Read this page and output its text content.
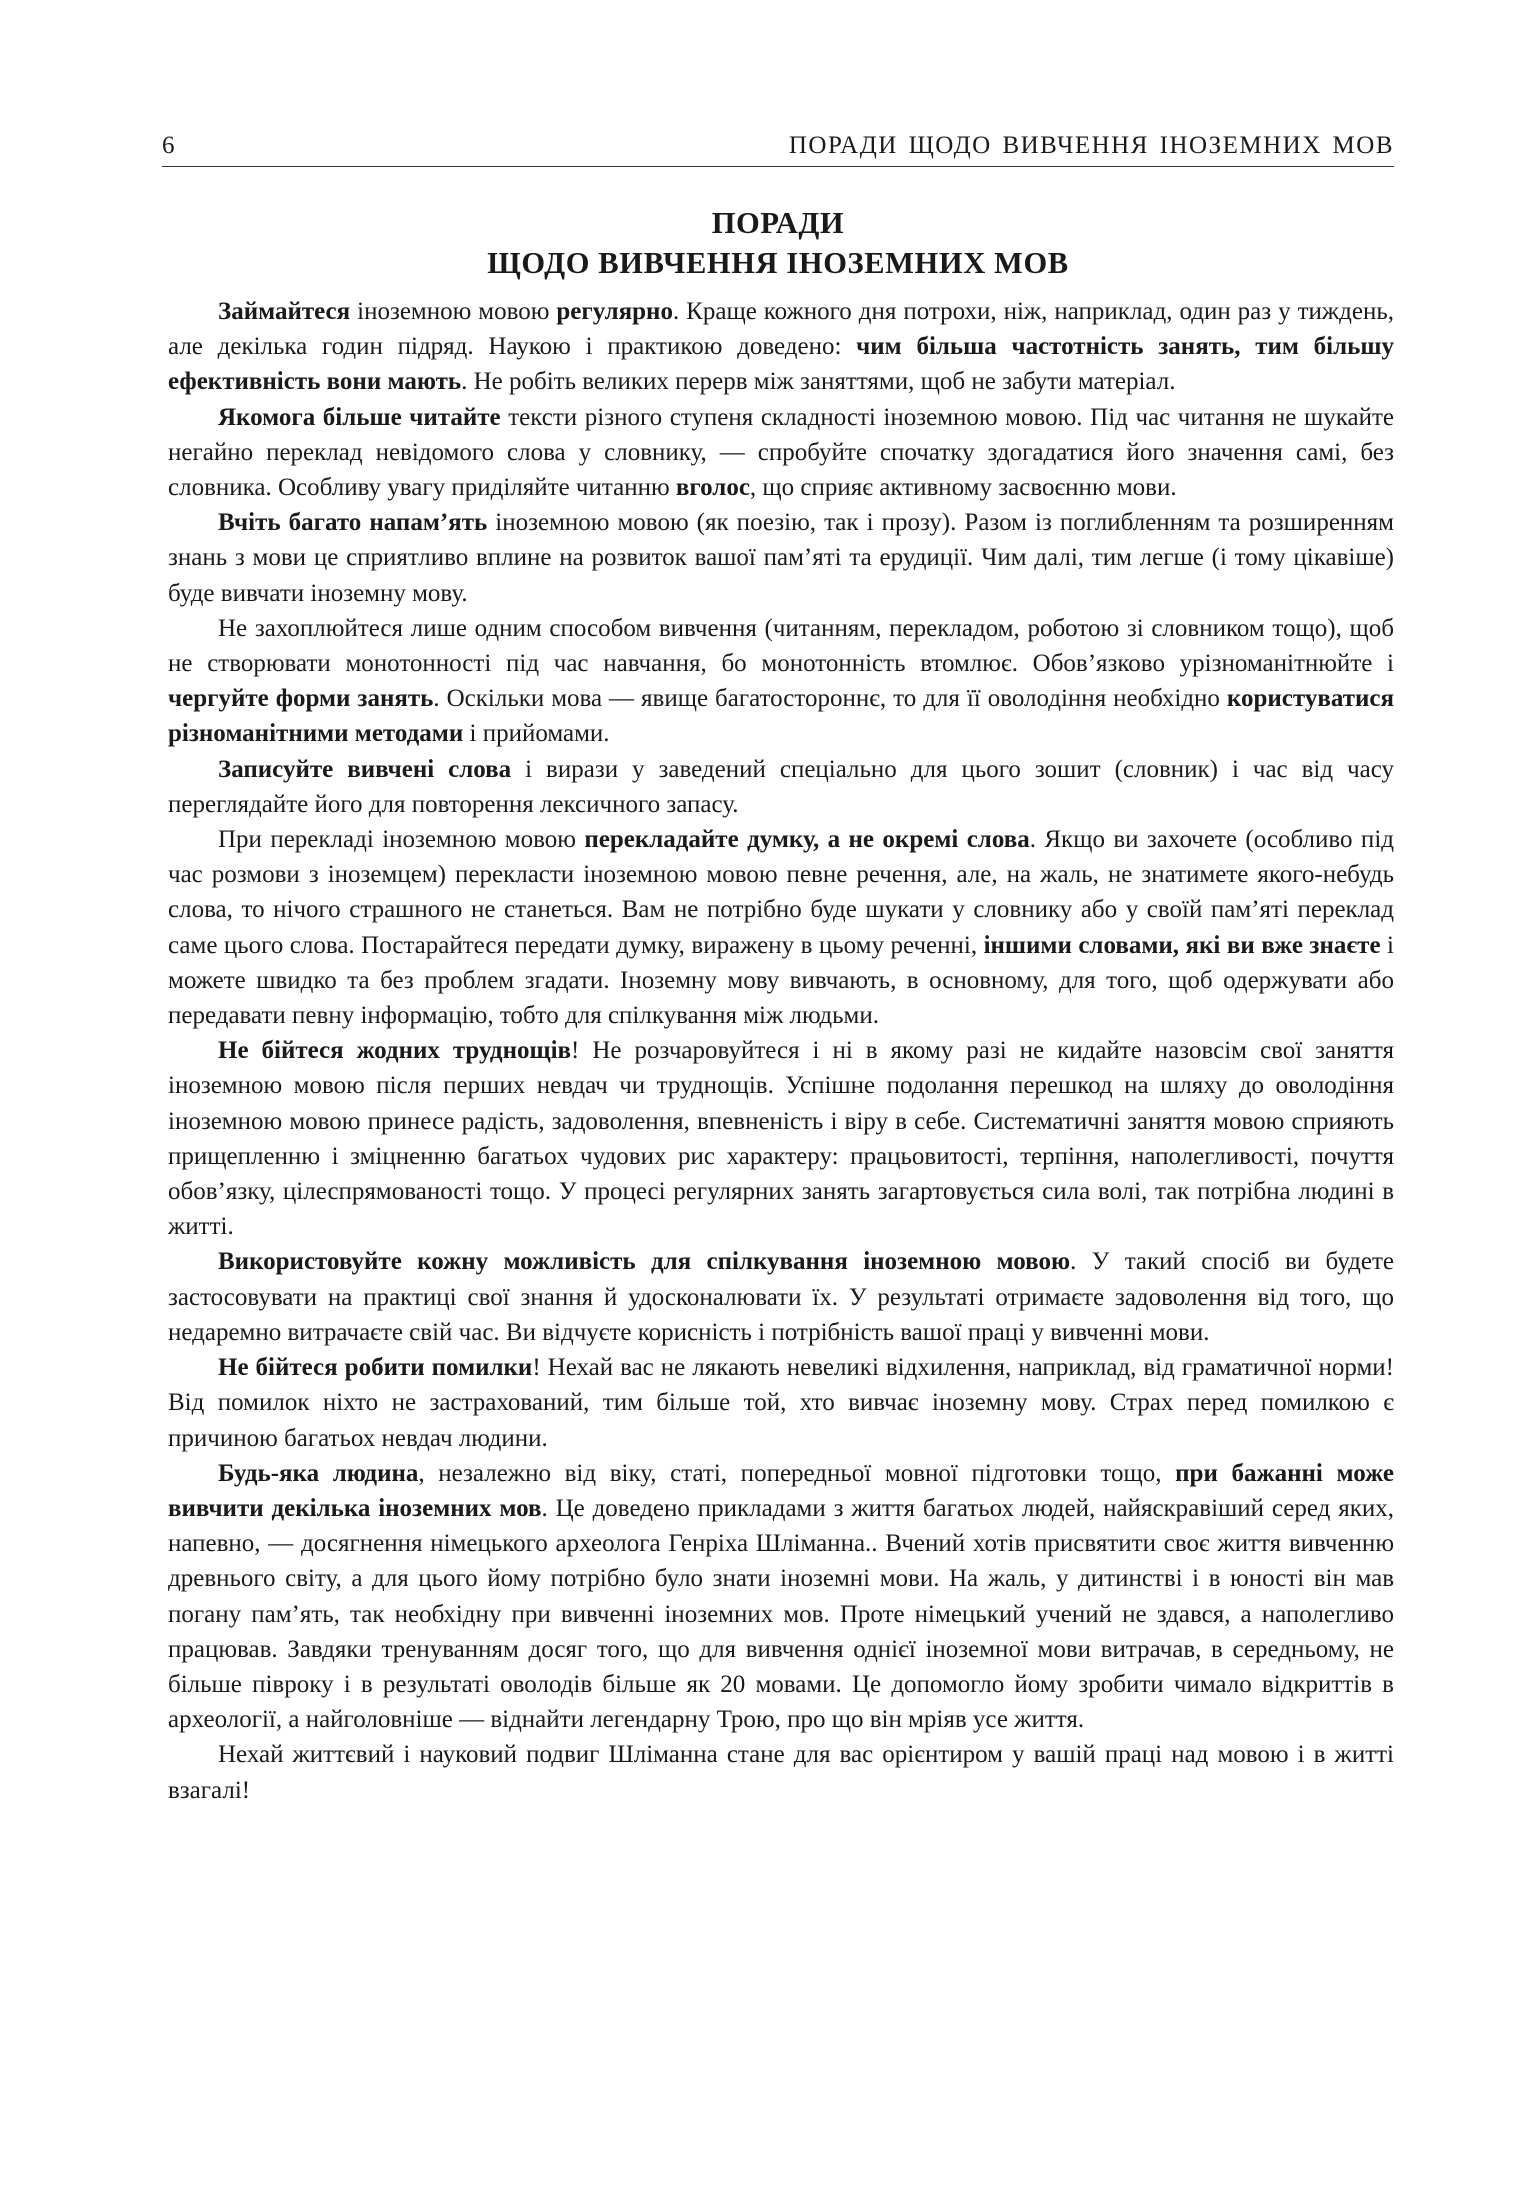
6	ПОРАДИ ЩОДО ВИВЧЕННЯ ІНОЗЕМНИХ МОВ
ПОРАДИ
ЩОДО ВИВЧЕННЯ ІНОЗЕМНИХ МОВ

Займайтеся іноземною мовою регулярно. Краще кожного дня потрохи, ніж, наприклад, один раз у тиждень, але декілька годин підряд. Наукою і практикою доведено: чим більша частотність занять, тим більшу ефективність вони мають. Не робіть великих перерв між заняттями, щоб не забути матеріал.

Якомога більше читайте тексти різного ступеня складності іноземною мовою. Під час читання не шукайте негайно переклад невідомого слова у словнику, — спробуйте спочатку здогадатися його значення самі, без словника. Особливу увагу приділяйте читанню вголос, що сприяє активному засвоєнню мови.

Вчіть багато напам’ять іноземною мовою (як поезію, так і прозу). Разом із поглибленням та розширенням знань з мови це сприятливо вплине на розвиток вашої пам’яті та ерудиції. Чим далі, тим легше (і тому цікавіше) буде вивчати іноземну мову.

Не захоплюйтеся лише одним способом вивчення (читанням, перекладом, роботою зі словником тощо), щоб не створювати монотонності під час навчання, бо монотонність втомлює. Обов’язково урізноманітнюйте і чергуйте форми занять. Оскільки мова — явище багатостороннє, то для її оволодіння необхідно користуватися різноманітними методами і прийомами.

Записуйте вивчені слова і вирази у заведений спеціально для цього зошит (словник) і час від часу переглядайте його для повторення лексичного запасу.

При перекладі іноземною мовою перекладайте думку, а не окремі слова. Якщо ви захочете (особливо під час розмови з іноземцем) перекласти іноземною мовою певне речення, але, на жаль, не знатимете якого-небудь слова, то нічого страшного не станеться. Вам не потрібно буде шукати у словнику або у своїй пам’яті переклад саме цього слова. Постарайтеся передати думку, виражену в цьому реченні, іншими словами, які ви вже знаєте і можете швидко та без проблем згадати. Іноземну мову вивчають, в основному, для того, щоб одержувати або передавати певну інформацію, тобто для спілкування між людьми.

Не бійтеся жодних труднощів! Не розчаровуйтеся і ні в якому разі не кидайте назовсім свої заняття іноземною мовою після перших невдач чи труднощів. Успішне подолання перешкод на шляху до оволодіння іноземною мовою принесе радість, задоволення, впевненість і віру в себе. Систематичні заняття мовою сприяють прищепленню і зміцненню багатьох чудових рис характеру: працьовитості, терпіння, наполегливості, почуття обов’язку, цілеспрямованості тощо. У процесі регулярних занять загартовується сила волі, так потрібна людині в житті.

Використовуйте кожну можливість для спілкування іноземною мовою. У такий спосіб ви будете застосовувати на практиці свої знання й удосконалювати їх. У результаті отримаєте задоволення від того, що недаремно витрачаєте свій час. Ви відчуєте корисність і потрібність вашої праці у вивченні мови.

Не бійтеся робити помилки! Нехай вас не лякають невеликі відхилення, наприклад, від граматичної норми! Від помилок ніхто не застрахований, тим більше той, хто вивчає іноземну мову. Страх перед помилкою є причиною багатьох невдач людини.

Будь-яка людина, незалежно від віку, статі, попередньої мовної підготовки тощо, при бажанні може вивчити декілька іноземних мов. Це доведено прикладами з життя багатьох людей, найяскравіший серед яких, напевно, — досягнення німецького археолога Генріха Шліманна.. Вчений хотів присвятити своє життя вивченню древнього світу, а для цього йому потрібно було знати іноземні мови. На жаль, у дитинстві і в юності він мав погану пам’ять, так необхідну при вивченні іноземних мов. Проте німецький учений не здався, а наполегливо працював. Завдяки тренуванням досяг того, що для вивчення однієї іноземної мови витрачав, в середньому, не більше півроку і в результаті оволодів більше як 20 мовами. Це допомогло йому зробити чимало відкриттів в археології, а найголовніше — віднайти легендарну Трою, про що він мріяв усе життя.

Нехай життєвий і науковий подвиг Шліманна стане для вас орієнтиром у вашій праці над мовою і в житті взагалі!
